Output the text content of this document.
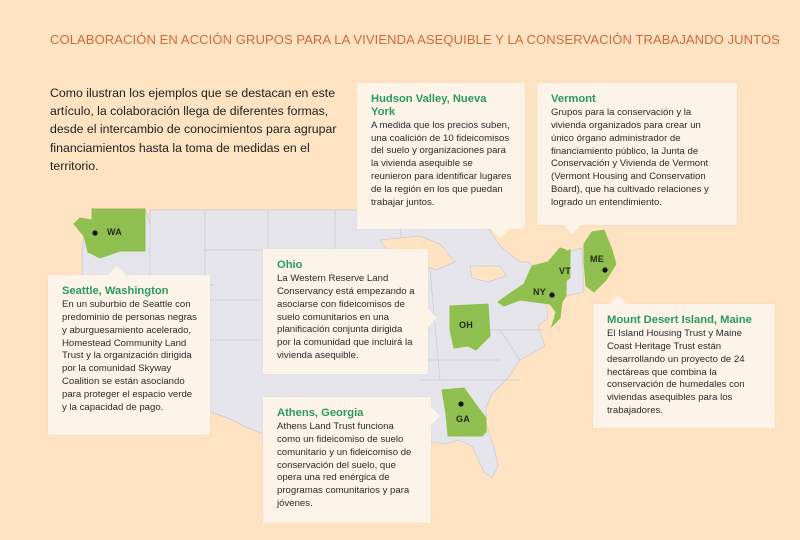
COLABORACIÓN EN ACCIÓN GRUPOS PARA LA VIVIENDA ASEQUIBLE Y LA CONSERVACIÓN TRABAJANDO JUNTOS
Como ilustran los ejemplos que se destacan en este artículo, la colaboración llega de diferentes formas, desde el intercambio de conocimientos para agrupar financiamientos hasta la toma de medidas en el territorio.
WA
OH
NY
VT
ME
GA
Hudson Valley, Nueva York
A medida que los precios suben, una coalición de 10 fideicomisos del suelo y organizaciones para la vivienda asequible se reunieron para identificar lugares de la región en los que puedan trabajar juntos.
Vermont
Grupos para la conservación y la vivienda organizados para crear un único órgano administrador de financiamiento público, la Junta de Conservación y Vivienda de Vermont (Vermont Housing and Conservation Board), que ha cultivado relaciones y logrado un entendimiento.
Seattle, Washington
En un suburbio de Seattle con predominio de personas negras y aburguesamiento acelerado, Homestead Community Land Trust y la organización dirigida por la comunidad Skyway Coalition se están asociando para proteger el espacio verde y la capacidad de pago.
Ohio
La Western Reserve Land Conservancy está empezando a asociarse con fideicomisos de suelo comunitarios en una planificación conjunta dirigida por la comunidad que incluirá la vivienda asequible.
Athens, Georgia
Athens Land Trust funciona como un fideicomiso de suelo comunitario y un fideicomiso de conservación del suelo, que opera una red enérgica de programas comunitarios y para jóvenes.
Mount Desert Island, Maine
El Island Housing Trust y Maine Coast Heritage Trust están desarrollando un proyecto de 24 hectáreas que combina la conservación de humedales con viviendas asequibles para los trabajadores.
